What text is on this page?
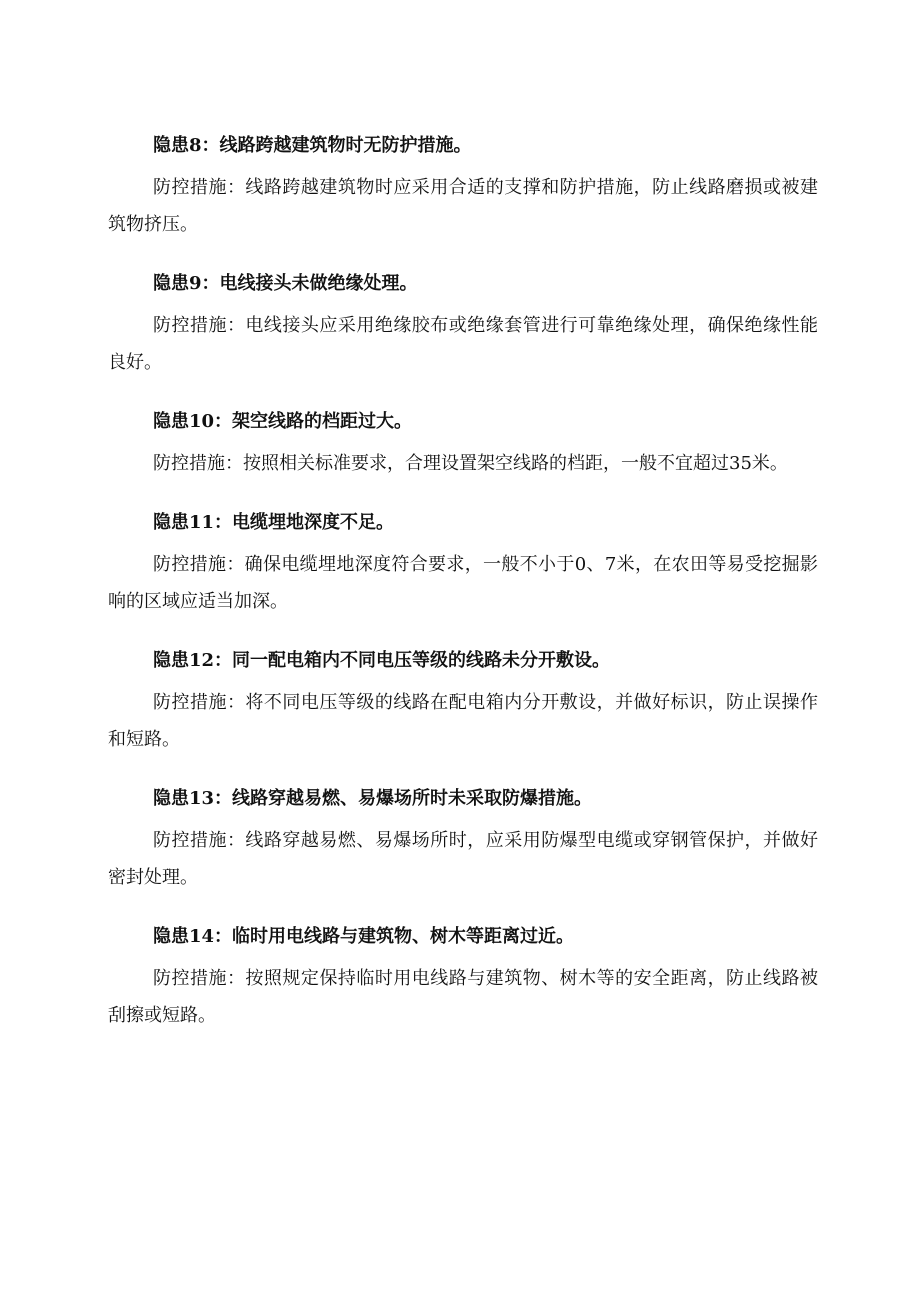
隐患8：线路跨越建筑物时无防护措施。

防控措施：线路跨越建筑物时应采用合适的支撑和防护措施，防止线路磨损或被建筑物挤压。

隐患9：电线接头未做绝缘处理。

防控措施：电线接头应采用绝缘胶布或绝缘套管进行可靠绝缘处理，确保绝缘性能良好。

隐患10：架空线路的档距过大。

防控措施：按照相关标准要求，合理设置架空线路的档距，一般不宜超过35米。

隐患11：电缆埋地深度不足。

防控措施：确保电缆埋地深度符合要求，一般不小于0、7米，在农田等易受挖掘影响的区域应适当加深。

隐患12：同一配电箱内不同电压等级的线路未分开敷设。

防控措施：将不同电压等级的线路在配电箱内分开敷设，并做好标识，防止误操作和短路。

隐患13：线路穿越易燃、易爆场所时未采取防爆措施。

防控措施：线路穿越易燃、易爆场所时，应采用防爆型电缆或穿钢管保护，并做好密封处理。

隐患14：临时用电线路与建筑物、树木等距离过近。

防控措施：按照规定保持临时用电线路与建筑物、树木等的安全距离，防止线路被刮擦或短路。
